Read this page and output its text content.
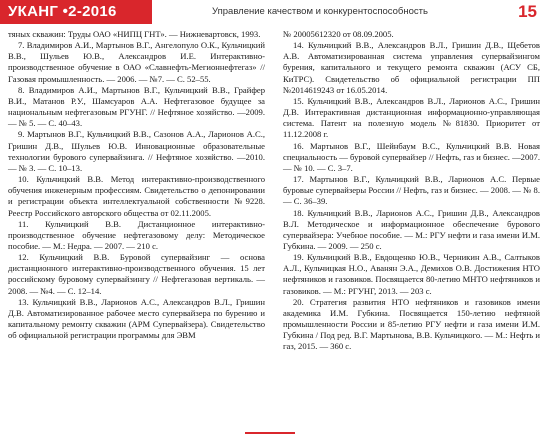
УКАНГ •2-2016	Управление качеством и конкурентоспособность	15

тяных скважин: Труды ОАО «НИПЦ ГНТ». — Нижневартовск, 1993.

7. Владимиров А.И., Мартынов В.Г., Ангелопуло О.К., Кульчицкий В.В., Шульев Ю.В., Александров И.Е. Интерактивно-производственное обучение в ОАО «Славнефть-Мегионнефтегаз» // Газовая промышленность. — 2006. — №7. — С. 52–55.

8. Владимиров А.И., Мартынов В.Г., Кульчицкий В.В., Грайфер В.И., Матанов Р.У., Шамсуаров А.А. Нефтегазовое будущее за национальным нефтегазовым РГУНГ. // Нефтяное хозяйство. —2009. — № 5. — С. 40–43.

9. Мартынов В.Г., Кульчицкий В.В., Сазонов А.А., Ларионов А.С., Гришин Д.В., Шульев Ю.В. Инновационные образовательные технологии бурового супервайзинга. // Нефтяное хозяйство. —2010. — № 3. — С. 10–13.

10. Кульчицкий В.В. Метод интерактивно-производственного обучения инженерным профессиям. Свидетельство о депонировании и регистрации объекта интеллектуальной собственности №9228. Реестр Российского авторского общества от 02.11.2005.

11. Кульчицкий В.В. Дистанционное интерактивно-производственное обучение нефтегазовому делу: Методическое пособие. — М.: Недра. — 2007. — 210 с.

12. Кульчицкий В.В. Буровой супервайзинг — основа дистанционного интерактивно-производственного обучения. 15 лет российскому буровому супервайзингу // Нефтегазовая вертикаль. — 2008. — №4. — С. 12–14.

13. Кульчицкий В.В., Ларионов А.С., Александров В.Л., Гришин Д.В. Автоматизированное рабочее место супервайзера по бурению и капитальному ремонту скважин (АРМ Супервайзера). Свидетельство об официальной регистрации программы для ЭВМ

№ 20005612320 от 08.09.2005.

14. Кульчицкий В.В., Александров В.Л., Гришин Д.В., Щебетов А.В. Автоматизированная система управления супервайзингом бурения, капитального и текущего ремонта скважин (АСУ СБ, КиТРС). Свидетельство об официальной регистрации ПП №2014619243 от 16.05.2014.

15. Кульчицкий В.В., Александров В.Л., Ларионов А.С., Гришин Д.В. Интерактивная дистанционная информационно-управляющая система. Патент на полезную модель №81830. Приоритет от 11.12.2008 г.

16. Мартынов В.Г., Шейнбаум В.С., Кульчицкий В.В. Новая специальность — буровой супервайзер // Нефть, газ и бизнес. —2007. — № 10. — С. 3–7.

17. Мартынов В.Г., Кульчицкий В.В., Ларионов А.С. Первые буровые супервайзеры России // Нефть, газ и бизнес. — 2008. — № 8. — С. 36–39.

18. Кульчицкий В.В., Ларионов А.С., Гришин Д.В., Александров В.Л. Методическое и информационное обеспечение бурового супервайзера: Учебное пособие. — М.: РГУ нефти и газа имени И.М. Губкина. — 2009. — 250 с.

19. Кульчицкий В.В., Евдощенко Ю.В., Черникин А.В., Салтыков А.Л., Кульчицкая Н.О., Аванян Э.А., Демихов О.В. Достижения НТО нефтяников и газовиков. Посвящается 80-летию МНТО нефтяников и газовиков. — М.: РГУНГ, 2013. — 203 с.

20. Стратегия развития НТО нефтяников и газовиков имени академика И.М. Губкина. Посвящается 150-летию нефтяной промышленности России и 85-летию РГУ нефти и газа имени И.М. Губкина / Под ред. В.Г. Мартынова, В.В. Кульчицкого. — М.: Нефть и газ, 2015. — 360 с.
